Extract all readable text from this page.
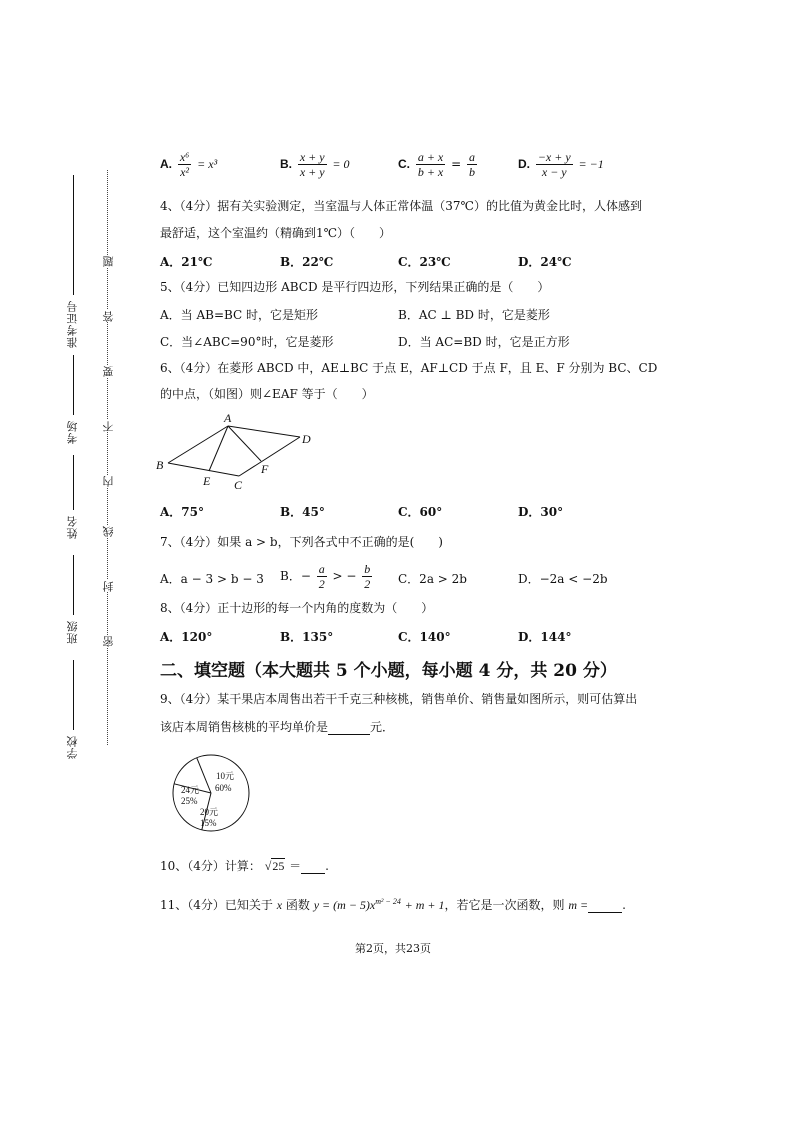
准考证号
考场
姓名
班级
学校
题
答
要
不
内
线
封
密
A. $\frac{\text{x⁶}}{\text{x²}} = x^3$	B. $\frac{x + y}{x + y} = 0$	C. $\frac{a + x}{b + x} = \frac{a}{b}$	D. $\frac{-x + y}{x - y} = -1$
4、（4分）据有关实验测定，当室温与人体正常体温（37℃）的比值为黄金比时，人体感到
最舒适，这个室温约（精确到1℃）（　　）
A．21℃	B．22℃	C．23℃	D．24℃
5、（4分）已知四边形 ABCD 是平行四边形，下列结果正确的是（　　）
A．当 AB=BC 时，它是矩形	B．AC ⊥ BD 时，它是菱形
C．当∠ABC=90°时，它是菱形	D．当 AC=BD 时，它是正方形
6、（4分）在菱形 ABCD 中，AE⊥BC 于点 E，AF⊥CD 于点 F，且 E、F 分别为 BC、CD
的中点，（如图）则∠EAF 等于（　　）
A
B
C
D
E
F
A．75°	B．45°	C．60°	D．30°
7、（4分）如果 a > b，下列各式中不正确的是(　　)
A．a − 3 > b − 3 B．− $\frac{a}{2}$ > − $\frac{b}{2}$ C．2a > 2b	D．−2a < −2b
8、（4分）正十边形的每一个内角的度数为（　　）
A．120°	B．135°	C．140°	D．144°
二、填空题（本大题共 5 个小题，每小题 4 分，共 20 分）
9、（4分）某干果店本周售出若干千克三种核桃，销售单价、销售量如图所示，则可估算出
该店本周销售核桃的平均单价是	元．
10元
60%
24元
25%
20元
15%
10、（4分）计算： √25 ＝ .
11、（4分）已知关于 x 函数 $y = (m - 5)x^{m^2 - 24} + m + 1$，若它是一次函数，则 m =	.
第2页，共23页
